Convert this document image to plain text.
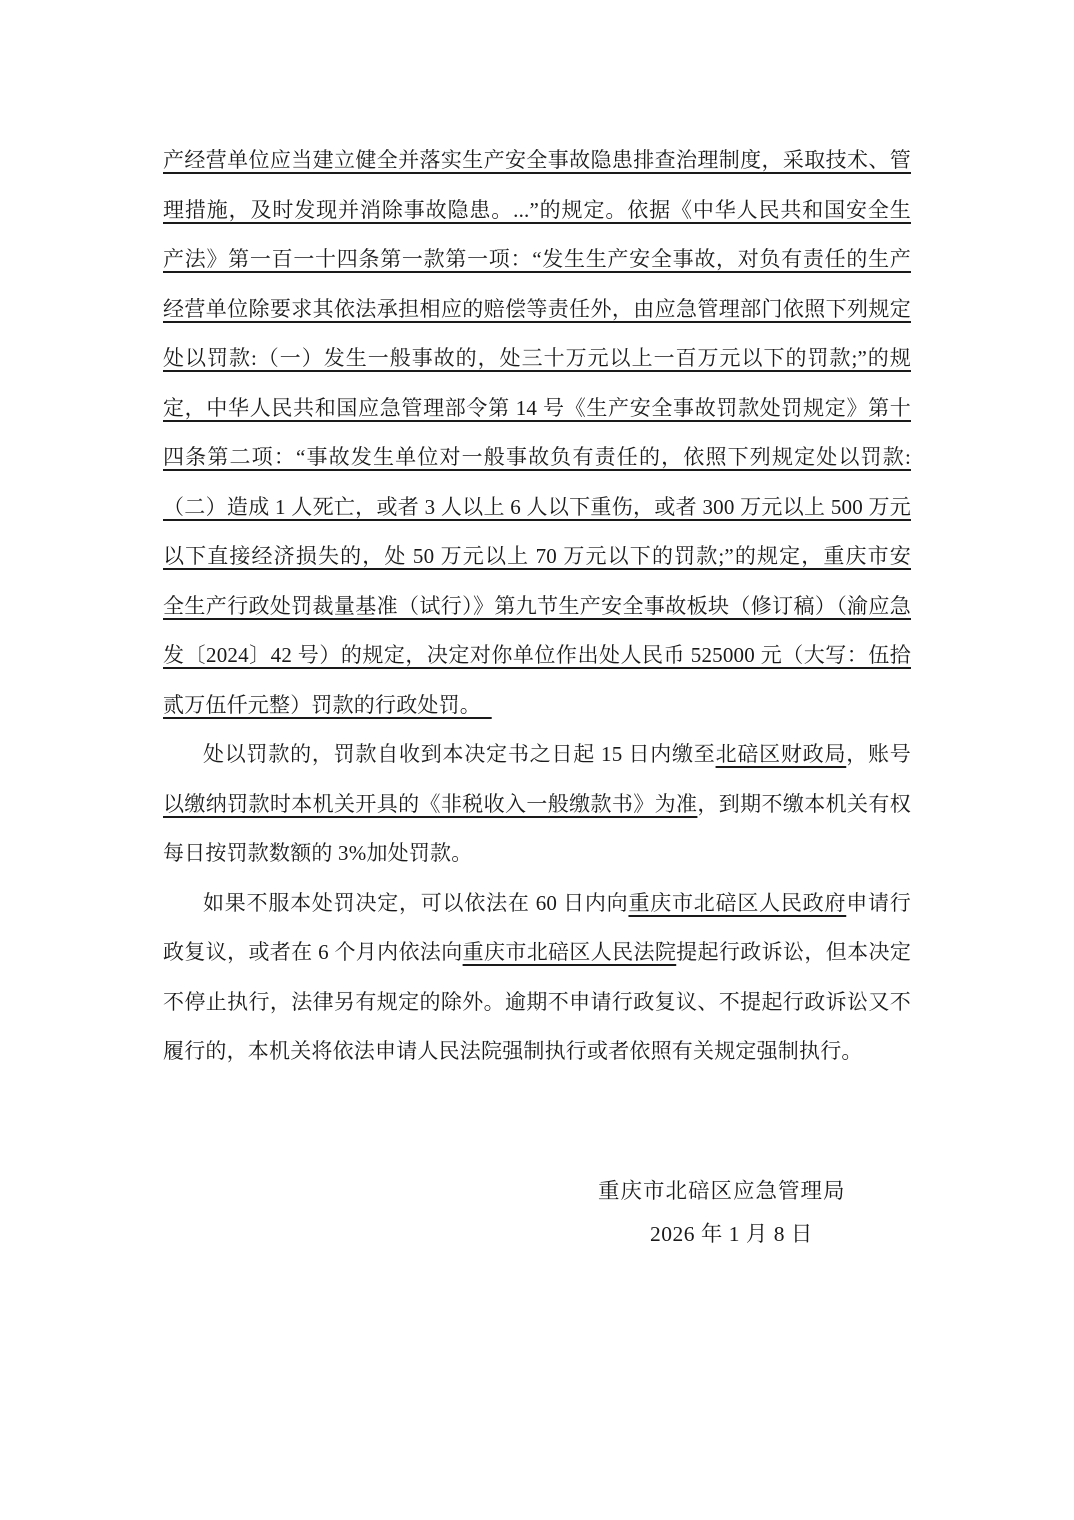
产经营单位应当建立健全并落实生产安全事故隐患排查治理制度，采取技术、管
理措施，及时发现并消除事故隐患。...”的规定。依据《中华人民共和国安全生
产法》第一百一十四条第一款第一项：“发生生产安全事故，对负有责任的生产
经营单位除要求其依法承担相应的赔偿等责任外，由应急管理部门依照下列规定
处以罚款:（一）发生一般事故的，处三十万元以上一百万元以下的罚款;”的规
定，中华人民共和国应急管理部令第 14 号《生产安全事故罚款处罚规定》第十
四条第二项：“事故发生单位对一般事故负有责任的，依照下列规定处以罚款:
（二）造成 1 人死亡，或者 3 人以上 6 人以下重伤，或者 300 万元以上 500 万元
以下直接经济损失的，处 50 万元以上 70 万元以下的罚款;”的规定，重庆市安
全生产行政处罚裁量基准（试行）》第九节生产安全事故板块（修订稿）（渝应急
发〔2024〕42 号）的规定，决定对你单位作出处人民币 525000 元（大写：伍拾
贰万伍仟元整）罚款的行政处罚。　
处以罚款的，罚款自收到本决定书之日起 15 日内缴至北碚区财政局，账号
以缴纳罚款时本机关开具的《非税收入一般缴款书》为准，到期不缴本机关有权
每日按罚款数额的 3%加处罚款。
如果不服本处罚决定，可以依法在 60 日内向重庆市北碚区人民政府申请行
政复议，或者在 6 个月内依法向重庆市北碚区人民法院提起行政诉讼，但本决定
不停止执行，法律另有规定的除外。逾期不申请行政复议、不提起行政诉讼又不
履行的，本机关将依法申请人民法院强制执行或者依照有关规定强制执行。
重庆市北碚区应急管理局
2026 年 1 月 8 日
